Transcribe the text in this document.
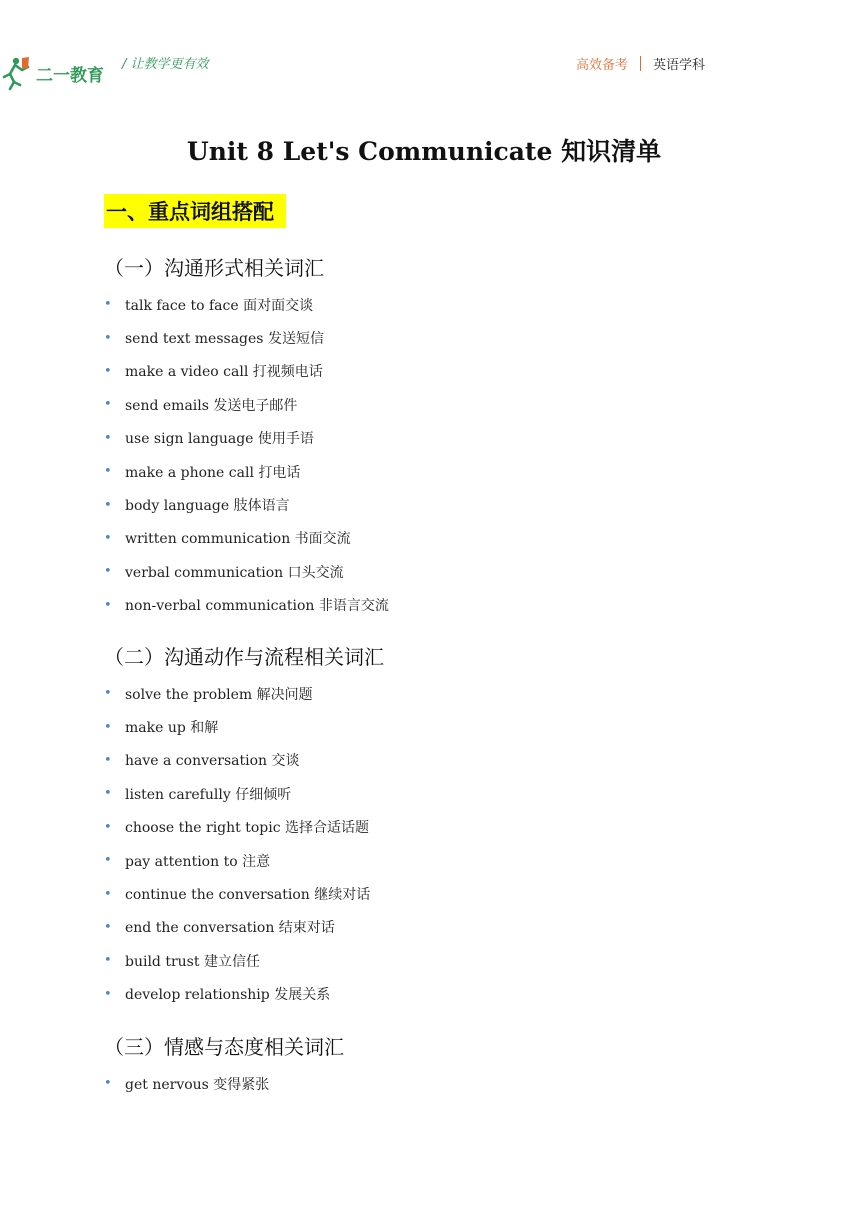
二一教育
/ 让教学更有效	高效备考 英语学科
Unit 8 Let's Communicate 知识清单
一、重点词组搭配
（一）沟通形式相关词汇
• talk face to face 面对面交谈
• send text messages 发送短信
• make a video call 打视频电话
• send emails 发送电子邮件
• use sign language 使用手语
• make a phone call 打电话
• body language 肢体语言
• written communication 书面交流
• verbal communication 口头交流
• non-verbal communication 非语言交流
（二）沟通动作与流程相关词汇
• solve the problem 解决问题
• make up 和解
• have a conversation 交谈
• listen carefully 仔细倾听
• choose the right topic 选择合适话题
• pay attention to 注意
• continue the conversation 继续对话
• end the conversation 结束对话
• build trust 建立信任
• develop relationship 发展关系
（三）情感与态度相关词汇
• get nervous 变得紧张
